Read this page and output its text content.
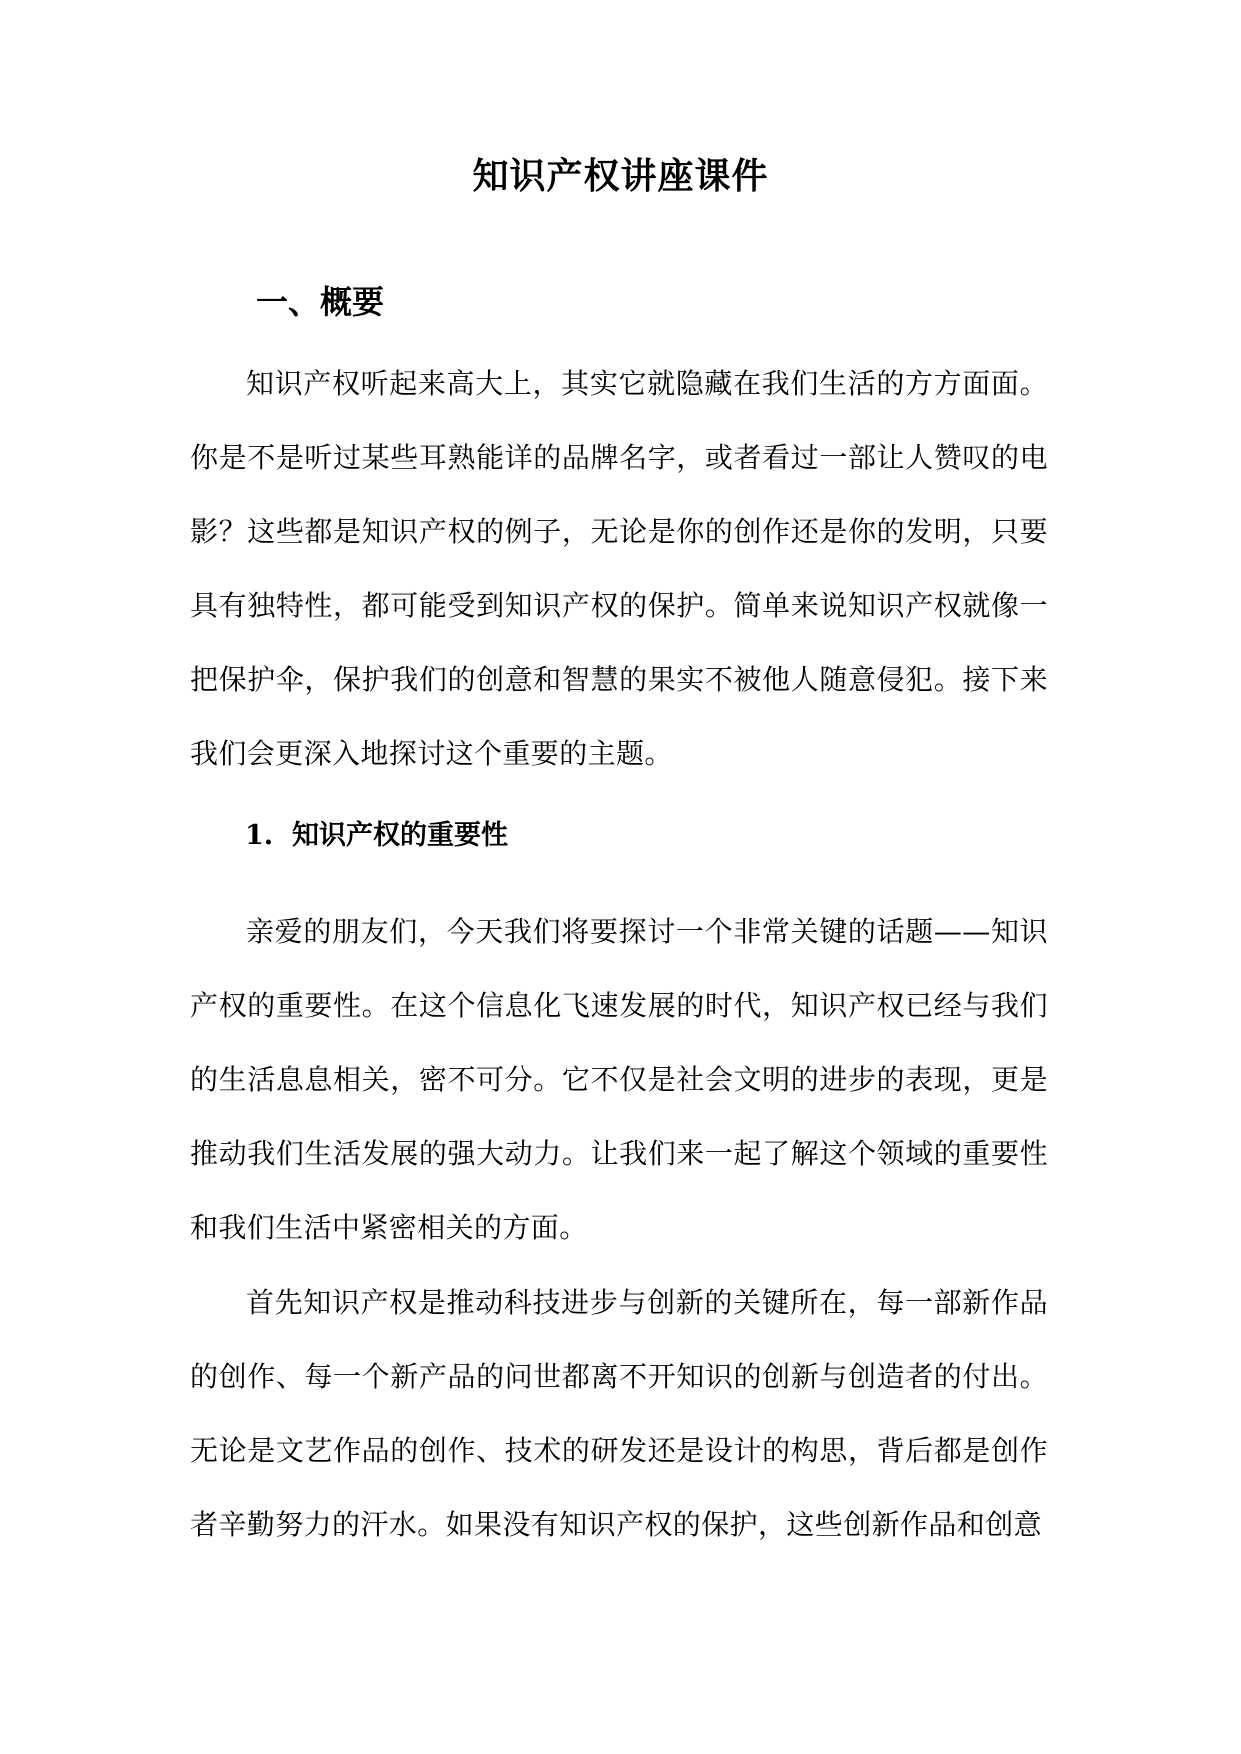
知识产权讲座课件
一、概要

知识产权听起来高大上，其实它就隐藏在我们生活的方方面面。你是不是听过某些耳熟能详的品牌名字，或者看过一部让人赞叹的电影？这些都是知识产权的例子，无论是你的创作还是你的发明，只要具有独特性，都可能受到知识产权的保护。简单来说知识产权就像一把保护伞，保护我们的创意和智慧的果实不被他人随意侵犯。接下来我们会更深入地探讨这个重要的主题。

1.  知识产权的重要性

亲爱的朋友们，今天我们将要探讨一个非常关键的话题——知识产权的重要性。在这个信息化飞速发展的时代，知识产权已经与我们的生活息息相关，密不可分。它不仅是社会文明的进步的表现，更是推动我们生活发展的强大动力。让我们来一起了解这个领域的重要性和我们生活中紧密相关的方面。

首先知识产权是推动科技进步与创新的关键所在，每一部新作品的创作、每一个新产品的问世都离不开知识的创新与创造者的付出。无论是文艺作品的创作、技术的研发还是设计的构思，背后都是创作者辛勤努力的汗水。如果没有知识产权的保护，这些创新作品和创意
